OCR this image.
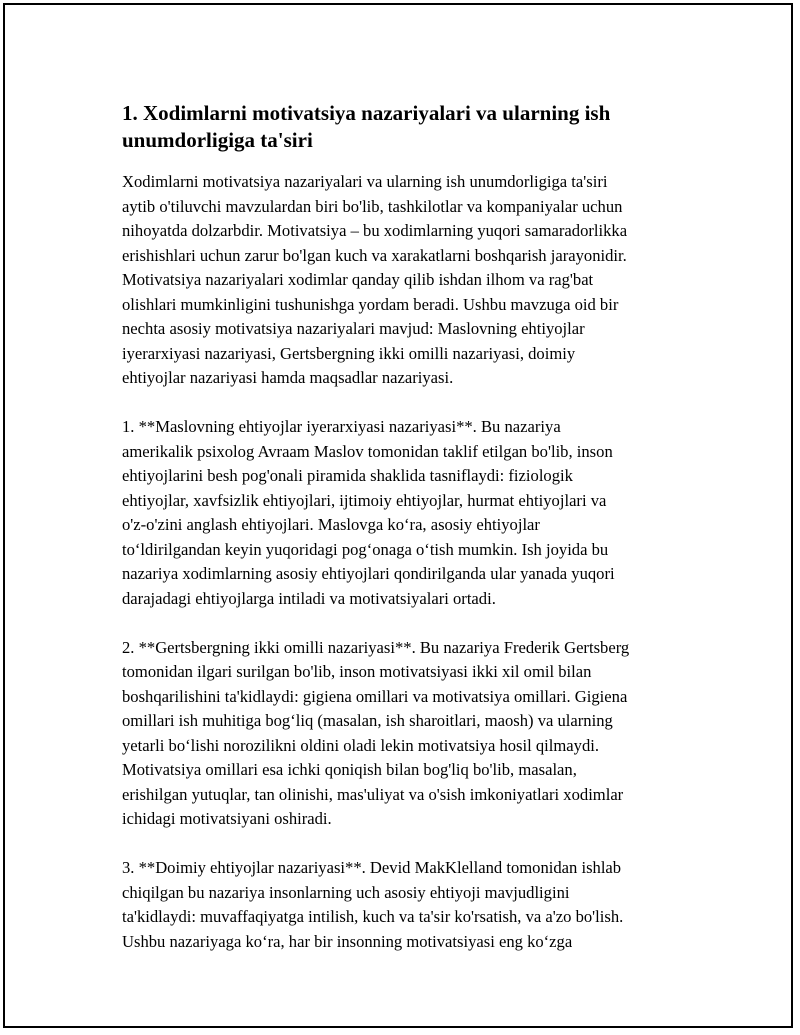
1. Xodimlarni motivatsiya nazariyalari va ularning ish
unumdorligiga ta'siri

Xodimlarni motivatsiya nazariyalari va ularning ish unumdorligiga ta'siri
aytib o'tiluvchi mavzulardan biri bo'lib, tashkilotlar va kompaniyalar uchun
nihoyatda dolzarbdir. Motivatsiya – bu xodimlarning yuqori samaradorlikka
erishishlari uchun zarur bo'lgan kuch va xarakatlarni boshqarish jarayonidir.
Motivatsiya nazariyalari xodimlar qanday qilib ishdan ilhom va rag'bat
olishlari mumkinligini tushunishga yordam beradi. Ushbu mavzuga oid bir
nechta asosiy motivatsiya nazariyalari mavjud: Maslovning ehtiyojlar
iyerarxiyasi nazariyasi, Gertsbergning ikki omilli nazariyasi, doimiy
ehtiyojlar nazariyasi hamda maqsadlar nazariyasi.

1. **Maslovning ehtiyojlar iyerarxiyasi nazariyasi**. Bu nazariya
amerikalik psixolog Avraam Maslov tomonidan taklif etilgan bo'lib, inson
ehtiyojlarini besh pog'onali piramida shaklida tasniflaydi: fiziologik
ehtiyojlar, xavfsizlik ehtiyojlari, ijtimoiy ehtiyojlar, hurmat ehtiyojlari va
o'z-o'zini anglash ehtiyojlari. Maslovga ko‘ra, asosiy ehtiyojlar
to‘ldirilgandan keyin yuqoridagi pog‘onaga o‘tish mumkin. Ish joyida bu
nazariya xodimlarning asosiy ehtiyojlari qondirilganda ular yanada yuqori
darajadagi ehtiyojlarga intiladi va motivatsiyalari ortadi.

2. **Gertsbergning ikki omilli nazariyasi**. Bu nazariya Frederik Gertsberg
tomonidan ilgari surilgan bo'lib, inson motivatsiyasi ikki xil omil bilan
boshqarilishini ta'kidlaydi: gigiena omillari va motivatsiya omillari. Gigiena
omillari ish muhitiga bog‘liq (masalan, ish sharoitlari, maosh) va ularning
yetarli bo‘lishi norozilikni oldini oladi lekin motivatsiya hosil qilmaydi.
Motivatsiya omillari esa ichki qoniqish bilan bog'liq bo'lib, masalan,
erishilgan yutuqlar, tan olinishi, mas'uliyat va o'sish imkoniyatlari xodimlar
ichidagi motivatsiyani oshiradi.

3. **Doimiy ehtiyojlar nazariyasi**. Devid MakKlelland tomonidan ishlab
chiqilgan bu nazariya insonlarning uch asosiy ehtiyoji mavjudligini
ta'kidlaydi: muvaffaqiyatga intilish, kuch va ta'sir ko'rsatish, va a'zo bo'lish.
Ushbu nazariyaga ko‘ra, har bir insonning motivatsiyasi eng ko‘zga
